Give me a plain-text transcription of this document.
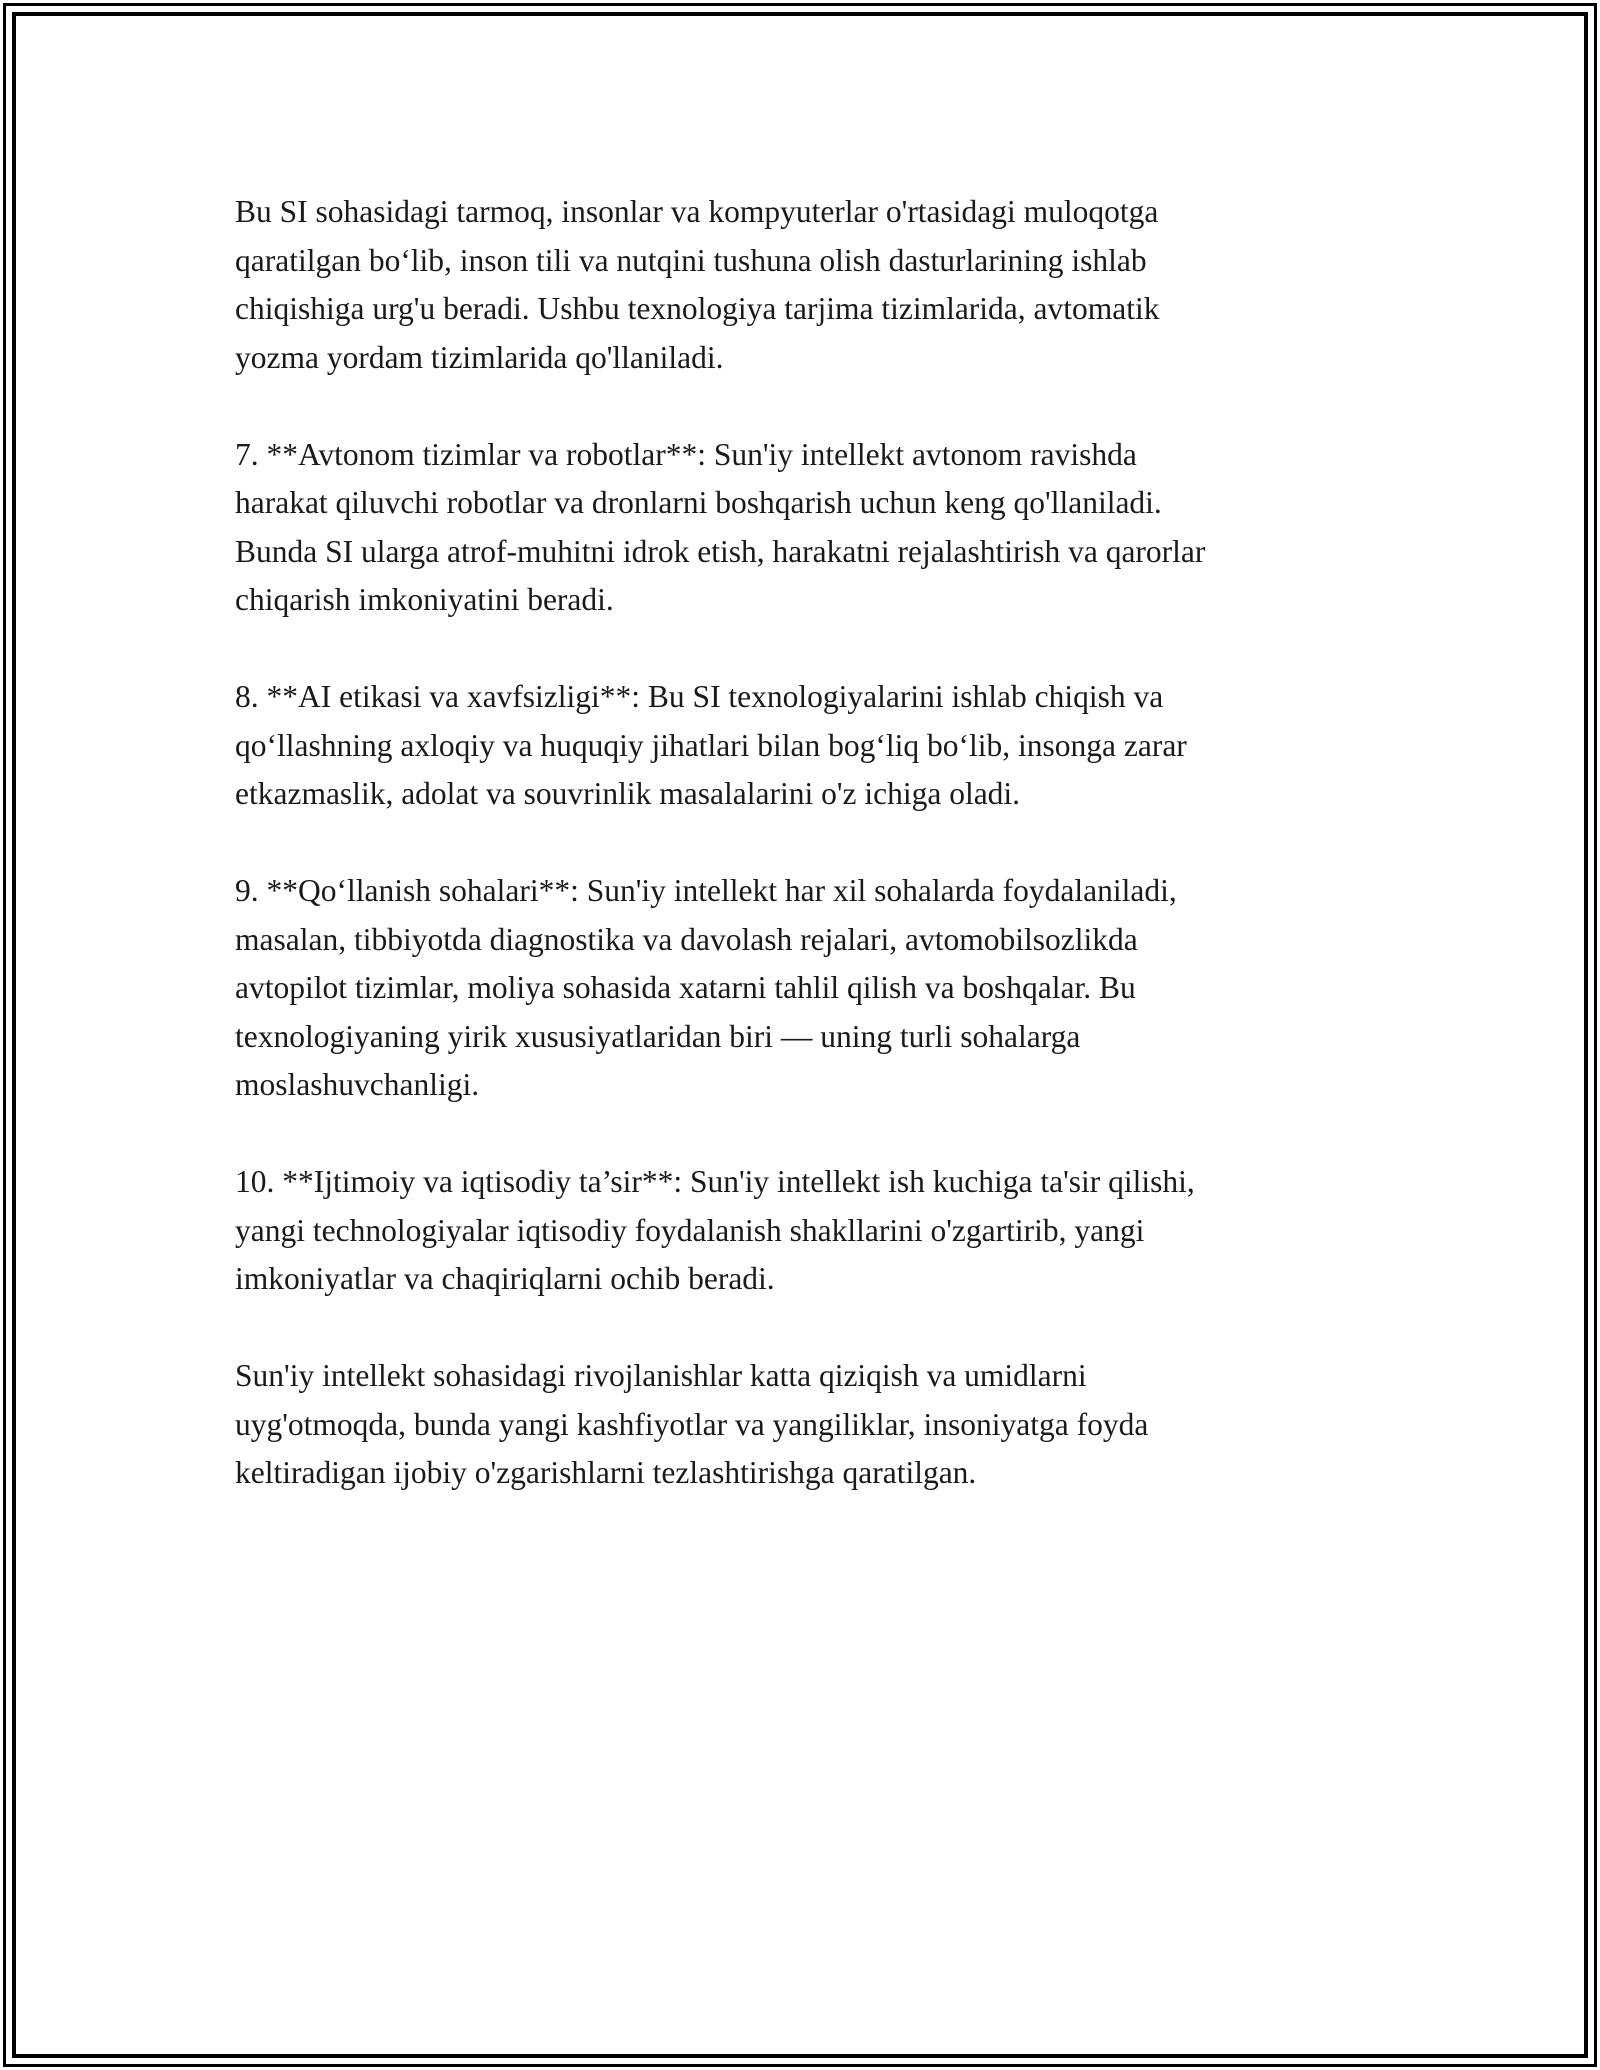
Bu SI sohasidagi tarmoq, insonlar va kompyuterlar o'rtasidagi muloqotga
qaratilgan bo‘lib, inson tili va nutqini tushuna olish dasturlarining ishlab
chiqishiga urg'u beradi. Ushbu texnologiya tarjima tizimlarida, avtomatik
yozma yordam tizimlarida qo'llaniladi.

7. **Avtonom tizimlar va robotlar**: Sun'iy intellekt avtonom ravishda
harakat qiluvchi robotlar va dronlarni boshqarish uchun keng qo'llaniladi.
Bunda SI ularga atrof-muhitni idrok etish, harakatni rejalashtirish va qarorlar
chiqarish imkoniyatini beradi.

8. **AI etikasi va xavfsizligi**: Bu SI texnologiyalarini ishlab chiqish va
qo‘llashning axloqiy va huquqiy jihatlari bilan bog‘liq bo‘lib, insonga zarar
etkazmaslik, adolat va souvrinlik masalalarini o'z ichiga oladi.

9. **Qo‘llanish sohalari**: Sun'iy intellekt har xil sohalarda foydalaniladi,
masalan, tibbiyotda diagnostika va davolash rejalari, avtomobilsozlikda
avtopilot tizimlar, moliya sohasida xatarni tahlil qilish va boshqalar. Bu
texnologiyaning yirik xususiyatlaridan biri — uning turli sohalarga
moslashuvchanligi.

10. **Ijtimoiy va iqtisodiy ta’sir**: Sun'iy intellekt ish kuchiga ta'sir qilishi,
yangi technologiyalar iqtisodiy foydalanish shakllarini o'zgartirib, yangi
imkoniyatlar va chaqiriqlarni ochib beradi.

Sun'iy intellekt sohasidagi rivojlanishlar katta qiziqish va umidlarni
uyg'otmoqda, bunda yangi kashfiyotlar va yangiliklar, insoniyatga foyda
keltiradigan ijobiy o'zgarishlarni tezlashtirishga qaratilgan.
